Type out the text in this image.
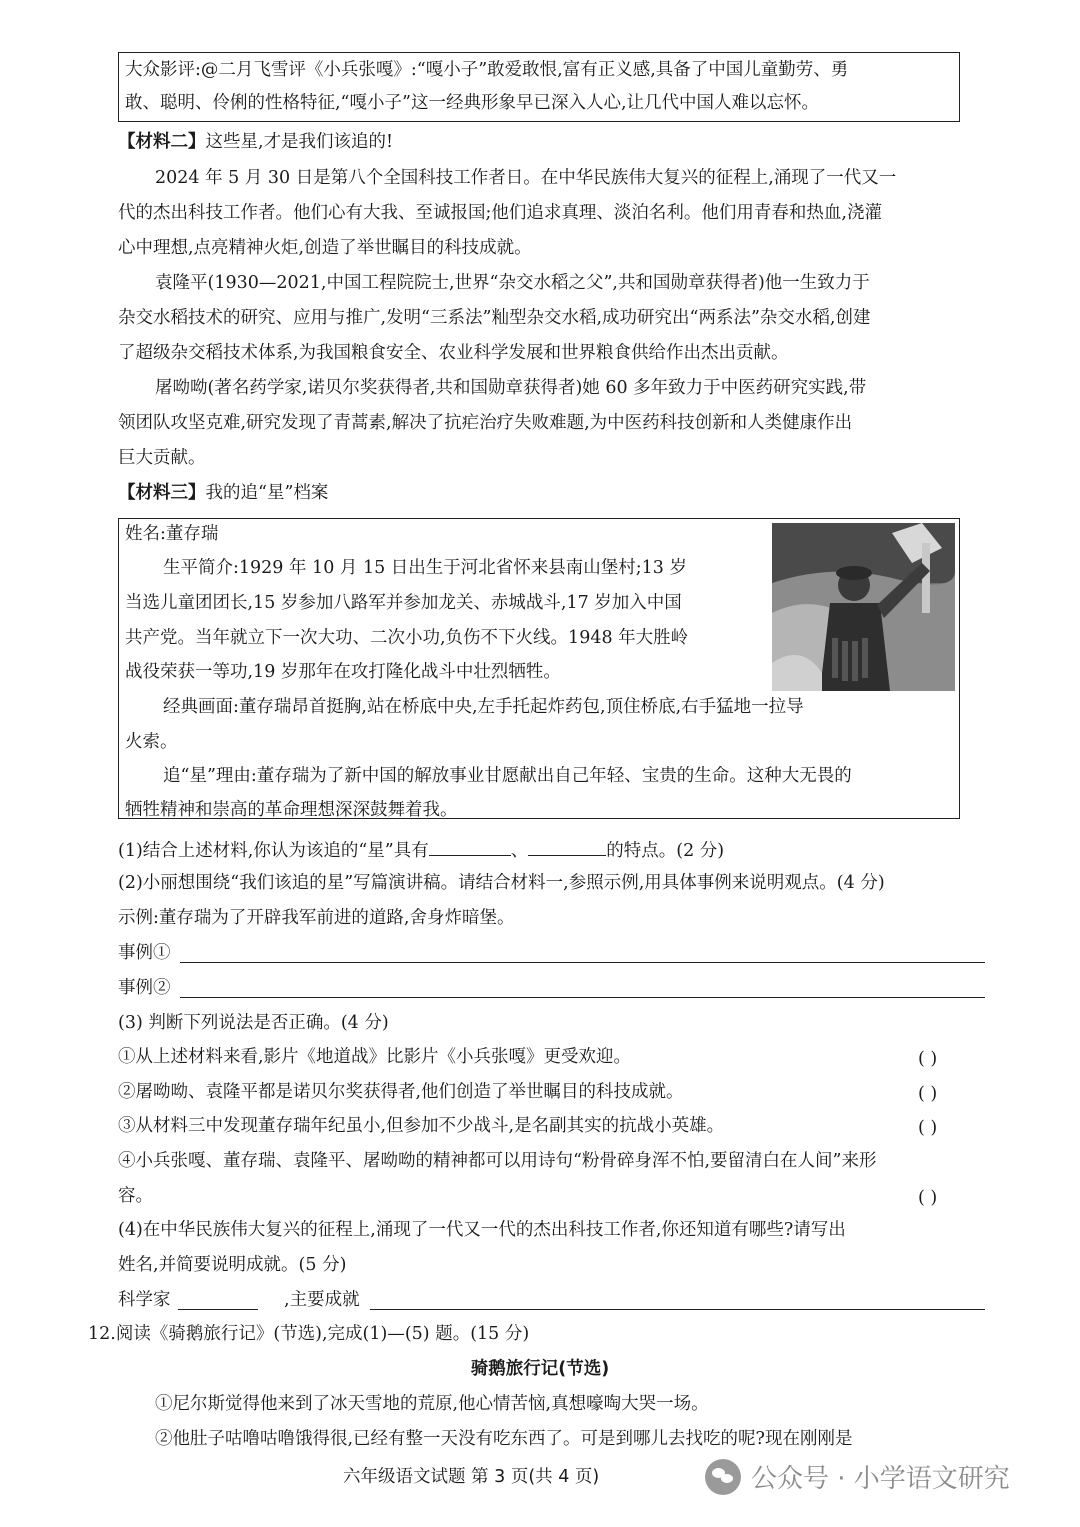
大众影评:@二月飞雪评《小兵张嘎》:“嘎小子”敢爱敢恨,富有正义感,具备了中国儿童勤劳、勇
敢、聪明、伶俐的性格特征,“嘎小子”这一经典形象早已深入人心,让几代中国人难以忘怀。
【材料二】这些星,才是我们该追的!
2024 年 5 月 30 日是第八个全国科技工作者日。在中华民族伟大复兴的征程上,涌现了一代又一
代的杰出科技工作者。他们心有大我、至诚报国;他们追求真理、淡泊名利。他们用青春和热血,浇灌
心中理想,点亮精神火炬,创造了举世瞩目的科技成就。
袁隆平(1930—2021,中国工程院院士,世界“杂交水稻之父”,共和国勋章获得者)他一生致力于
杂交水稻技术的研究、应用与推广,发明“三系法”籼型杂交水稻,成功研究出“两系法”杂交水稻,创建
了超级杂交稻技术体系,为我国粮食安全、农业科学发展和世界粮食供给作出杰出贡献。
屠呦呦(著名药学家,诺贝尔奖获得者,共和国勋章获得者)她 60 多年致力于中医药研究实践,带
领团队攻坚克难,研究发现了青蒿素,解决了抗疟治疗失败难题,为中医药科技创新和人类健康作出
巨大贡献。
【材料三】我的追“星”档案
姓名:董存瑞
生平简介:1929 年 10 月 15 日出生于河北省怀来县南山堡村;13 岁
当选儿童团团长,15 岁参加八路军并参加龙关、赤城战斗,17 岁加入中国
共产党。当年就立下一次大功、二次小功,负伤不下火线。1948 年大胜岭
战役荣获一等功,19 岁那年在攻打隆化战斗中壮烈牺牲。
经典画面:董存瑞昂首挺胸,站在桥底中央,左手托起炸药包,顶住桥底,右手猛地一拉导
火索。
追“星”理由:董存瑞为了新中国的解放事业甘愿献出自己年轻、宝贵的生命。这种大无畏的
牺牲精神和崇高的革命理想深深鼓舞着我。
(1)结合上述材料,你认为该追的“星”具有	、	的特点。(2 分)
(2)小丽想围绕“我们该追的星”写篇演讲稿。请结合材料一,参照示例,用具体事例来说明观点。(4 分)
示例:董存瑞为了开辟我军前进的道路,舍身炸暗堡。
事例①
事例②
(3) 判断下列说法是否正确。(4 分)
①从上述材料来看,影片《地道战》比影片《小兵张嘎》更受欢迎。	( )
②屠呦呦、袁隆平都是诺贝尔奖获得者,他们创造了举世瞩目的科技成就。	( )
③从材料三中发现董存瑞年纪虽小,但参加不少战斗,是名副其实的抗战小英雄。	( )
④小兵张嘎、董存瑞、袁隆平、屠呦呦的精神都可以用诗句“粉骨碎身浑不怕,要留清白在人间”来形
容。	( )
(4)在中华民族伟大复兴的征程上,涌现了一代又一代的杰出科技工作者,你还知道有哪些?请写出
姓名,并简要说明成就。(5 分)
科学家	,主要成就
12.阅读《骑鹅旅行记》(节选),完成(1)—(5) 题。(15 分)
骑鹅旅行记(节选)
①尼尔斯觉得他来到了冰天雪地的荒原,他心情苦恼,真想嚎啕大哭一场。
②他肚子咕噜咕噜饿得很,已经有整一天没有吃东西了。可是到哪儿去找吃的呢?现在刚刚是
六年级语文试题 第 3 页(共 4 页)	公众号 · 小学语文研究
